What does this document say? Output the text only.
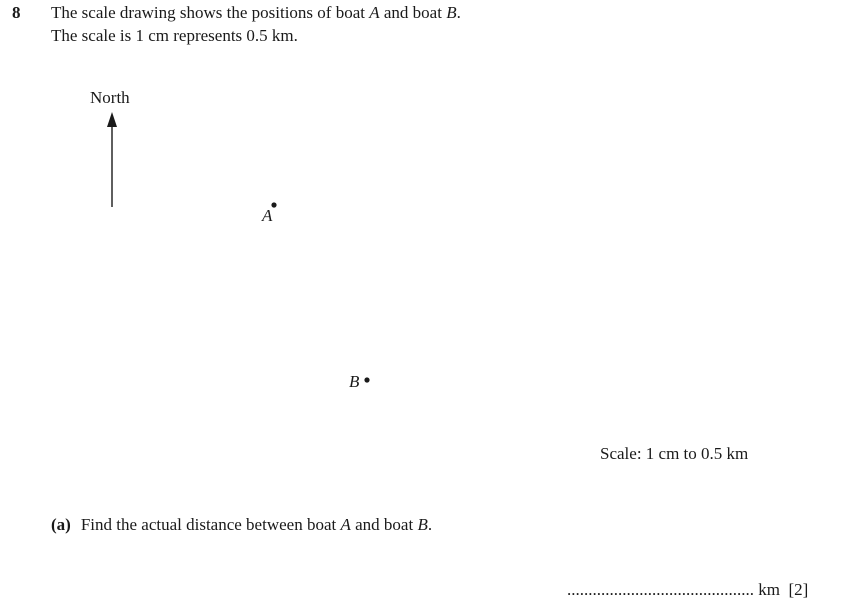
8 The scale drawing shows the positions of boat A and boat B.
The scale is 1 cm represents 0.5 km.
North
A
B
Scale: 1 cm to 0.5 km
(a) Find the actual distance between boat A and boat B.
............................................ km [2]
